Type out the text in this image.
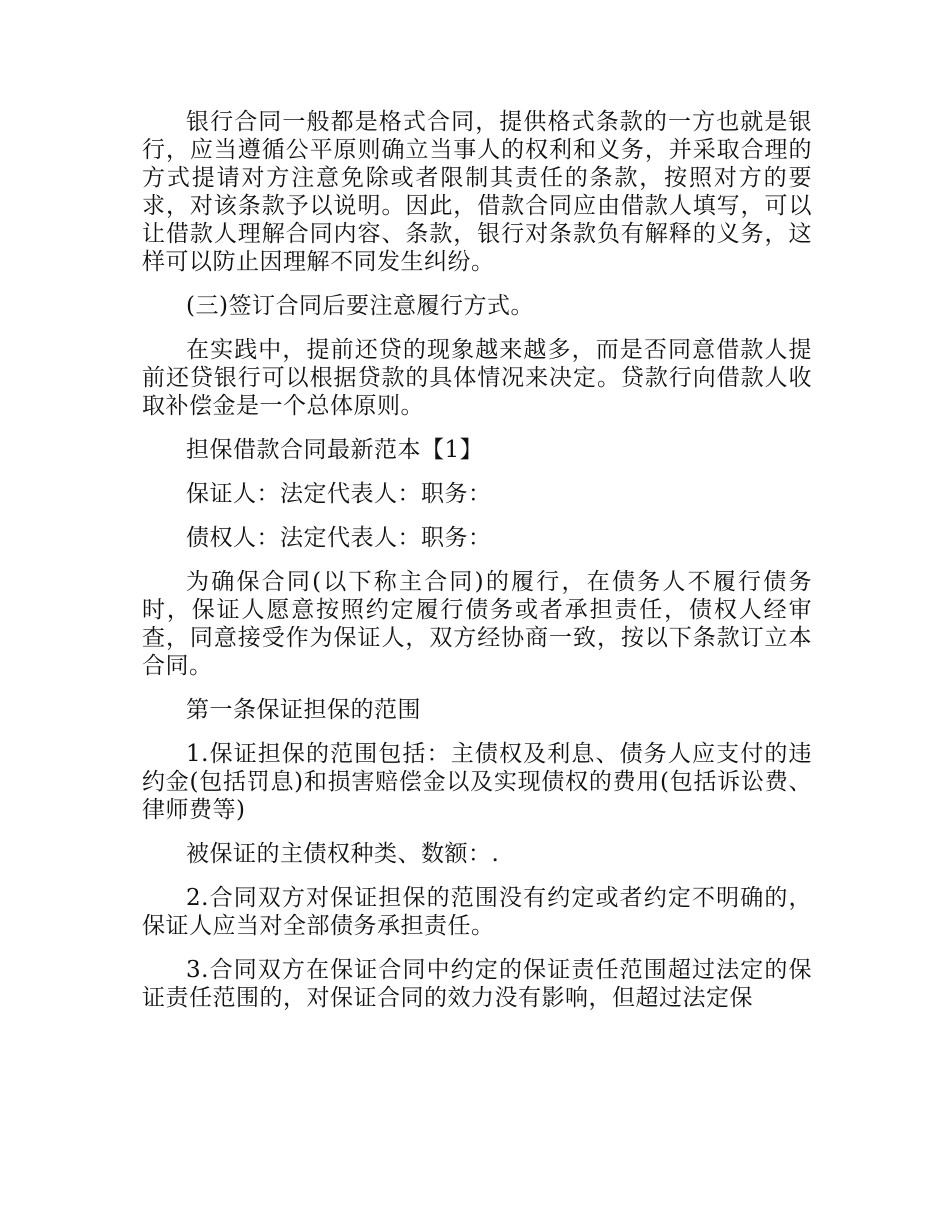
银行合同一般都是格式合同，提供格式条款的一方也就是银行，应当遵循公平原则确立当事人的权利和义务，并采取合理的方式提请对方注意免除或者限制其责任的条款，按照对方的要求，对该条款予以说明。因此，借款合同应由借款人填写，可以让借款人理解合同内容、条款，银行对条款负有解释的义务，这样可以防止因理解不同发生纠纷。

(三)签订合同后要注意履行方式。

在实践中，提前还贷的现象越来越多，而是否同意借款人提前还贷银行可以根据贷款的具体情况来决定。贷款行向借款人收取补偿金是一个总体原则。

担保借款合同最新范本【1】

保证人：法定代表人：职务：

债权人：法定代表人：职务：

为确保合同(以下称主合同)的履行，在债务人不履行债务时，保证人愿意按照约定履行债务或者承担责任，债权人经审查，同意接受作为保证人，双方经协商一致，按以下条款订立本合同。

第一条保证担保的范围

1.保证担保的范围包括：主债权及利息、债务人应支付的违约金(包括罚息)和损害赔偿金以及实现债权的费用(包括诉讼费、律师费等)

被保证的主债权种类、数额：.

2.合同双方对保证担保的范围没有约定或者约定不明确的，保证人应当对全部债务承担责任。

3.合同双方在保证合同中约定的保证责任范围超过法定的保证责任范围的，对保证合同的效力没有影响，但超过法定保
